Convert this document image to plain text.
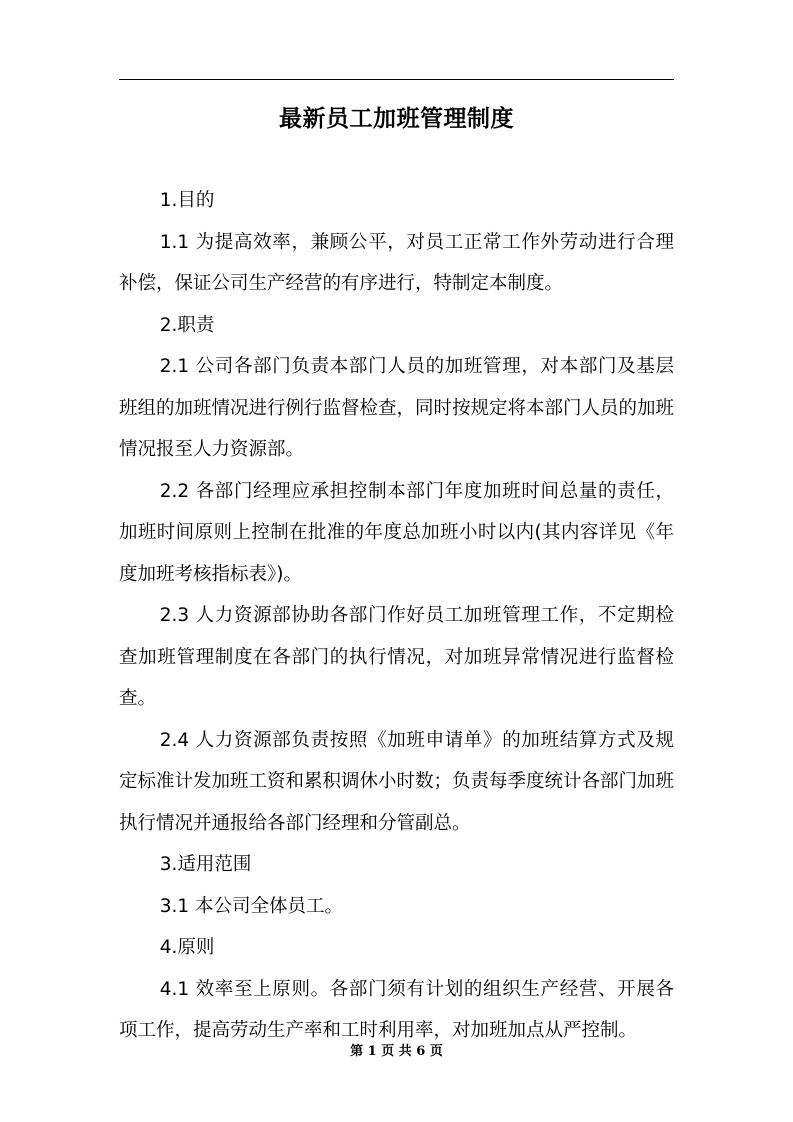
最新员工加班管理制度

1.目的

1.1 为提高效率，兼顾公平，对员工正常工作外劳动进行合理补偿，保证公司生产经营的有序进行，特制定本制度。

2.职责

2.1 公司各部门负责本部门人员的加班管理，对本部门及基层班组的加班情况进行例行监督检查，同时按规定将本部门人员的加班情况报至人力资源部。

2.2 各部门经理应承担控制本部门年度加班时间总量的责任，加班时间原则上控制在批准的年度总加班小时以内(其内容详见《年度加班考核指标表》)。

2.3 人力资源部协助各部门作好员工加班管理工作，不定期检查加班管理制度在各部门的执行情况，对加班异常情况进行监督检查。

2.4 人力资源部负责按照《加班申请单》的加班结算方式及规定标准计发加班工资和累积调休小时数；负责每季度统计各部门加班执行情况并通报给各部门经理和分管副总。

3.适用范围

3.1 本公司全体员工。

4.原则

4.1 效率至上原则。各部门须有计划的组织生产经营、开展各项工作，提高劳动生产率和工时利用率，对加班加点从严控制。

第 1 页 共 6 页
